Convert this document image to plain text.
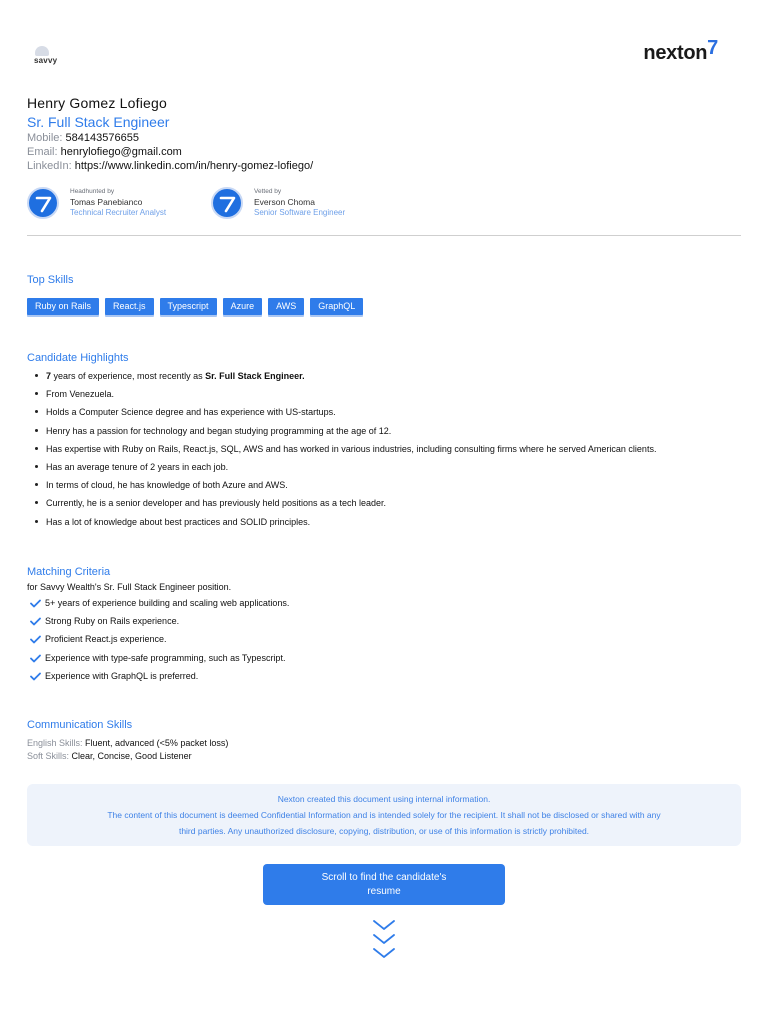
savvy	nexton7
Henry Gomez Lofiego
Sr. Full Stack Engineer
Mobile: 584143576655
Email: henrylofiego@gmail.com
LinkedIn: https://www.linkedin.com/in/henry-gomez-lofiego/
Headhunted by
Tomas Panebianco
Technical Recruiter Analyst
Vetted by
Everson Choma
Senior Software Engineer
Top Skills
Ruby on Rails	React.js	Typescript	Azure	AWS	GraphQL
Candidate Highlights
7 years of experience, most recently as Sr. Full Stack Engineer.
From Venezuela.
Holds a Computer Science degree and has experience with US-startups.
Henry has a passion for technology and began studying programming at the age of 12.
Has expertise with Ruby on Rails, React.js, SQL, AWS and has worked in various industries, including consulting firms where he served American clients.
Has an average tenure of 2 years in each job.
In terms of cloud, he has knowledge of both Azure and AWS.
Currently, he is a senior developer and has previously held positions as a tech leader.
Has a lot of knowledge about best practices and SOLID principles.
Matching Criteria
for Savvy Wealth's Sr. Full Stack Engineer position.
5+ years of experience building and scaling web applications.
Strong Ruby on Rails experience.
Proficient React.js experience.
Experience with type-safe programming, such as Typescript.
Experience with GraphQL is preferred.
Communication Skills
English Skills: Fluent, advanced (<5% packet loss)
Soft Skills: Clear, Concise, Good Listener

Nexton created this document using internal information.

The content of this document is deemed Confidential Information and is intended solely for the recipient. It shall not be disclosed or shared with any

third parties. Any unauthorized disclosure, copying, distribution, or use of this information is strictly prohibited.

Scroll to find the candidate's
resume
